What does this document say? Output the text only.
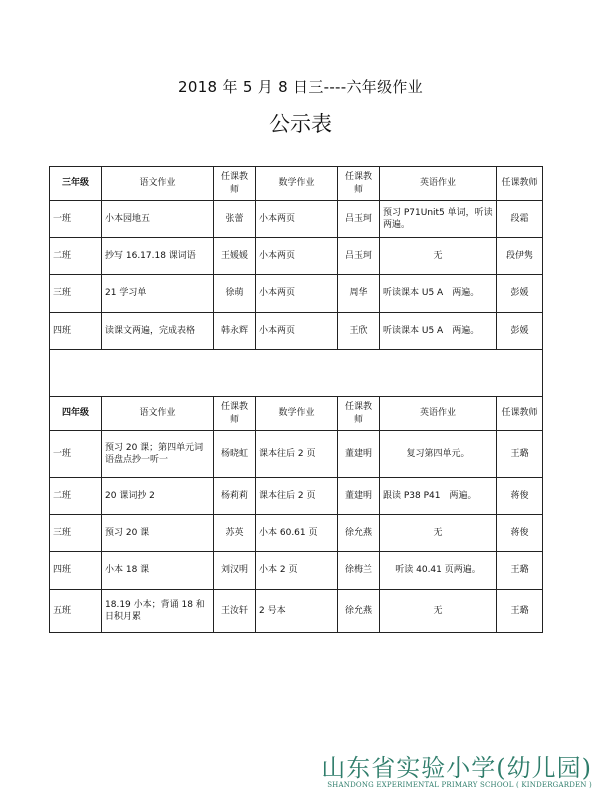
2018 年 5 月 8 日三----六年级作业
公示表
三年级	语文作业	任课教师	数学作业	任课教师	英语作业	任课教师
一班	小本园地五	张蕾	小本两页	吕玉珂	预习 P71Unit5 单词，听读两遍。	段霜
二班	抄写 16.17.18 课词语	王媛媛	小本两页	吕玉珂	无	段伊隽
三班	21 学习单	徐萌	小本两页	周华	听读课本 U5 A　两遍。	彭媛
四班	读课文两遍，完成表格	韩永辉	小本两页	王欣	听读课本 U5 A　两遍。	彭媛

四年级	语文作业	任课教师	数学作业	任课教师	英语作业	任课教师
一班	预习 20 课；第四单元词语盘点抄一听一	杨晓虹	课本往后 2 页	董建明	复习第四单元。	王璐
二班	20 课词抄 2	杨莉莉	课本往后 2 页	董建明	跟读 P38 P41　两遍。	蒋俊
三班	预习 20 课	苏英	小本 60.61 页	徐允燕	无	蒋俊
四班	小本 18 课	刘汉明	小本 2 页	徐梅兰	听读 40.41 页两遍。	王璐
五班	18.19 小本；背诵 18 和日积月累	王汝轩	2 号本	徐允燕	无	王璐
山东省实验小学(幼儿园)
SHANDONG EXPERIMENTAL PRIMARY SCHOOL ( KINDERGARDEN )
